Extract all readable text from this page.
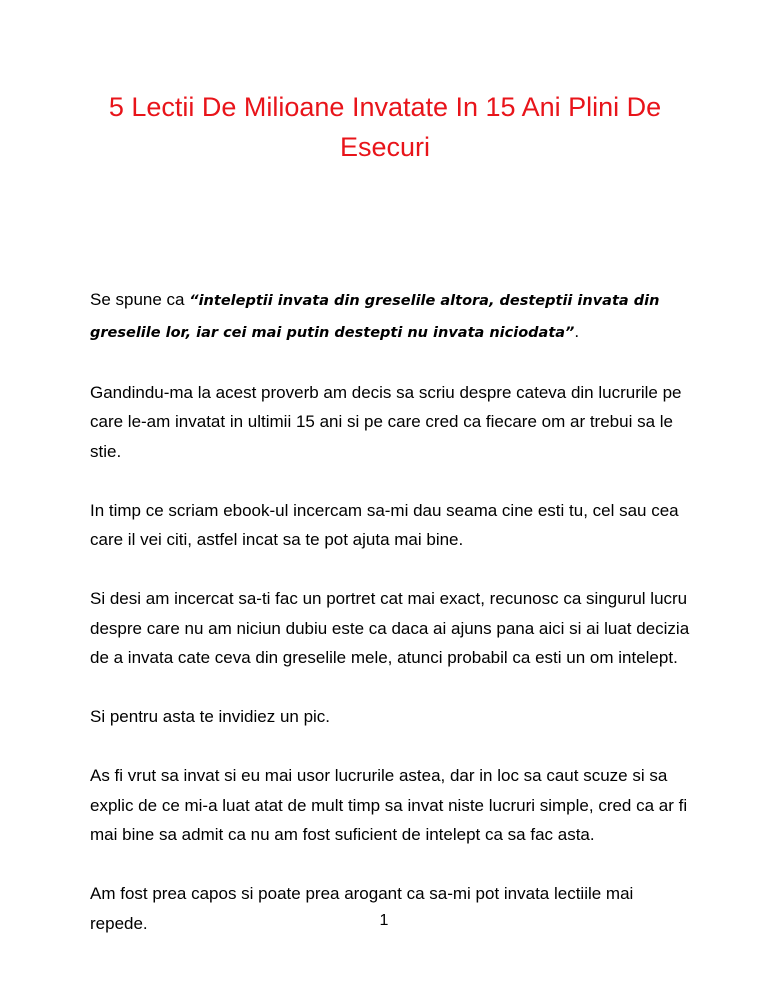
5 Lectii De Milioane Invatate In 15 Ani Plini De Esecuri

Se spune ca “inteleptii invata din greselile altora, desteptii invata din greselile lor, iar cei mai putin destepti nu invata niciodata”.

Gandindu-ma la acest proverb am decis sa scriu despre cateva din lucrurile pe care le-am invatat in ultimii 15 ani si pe care cred ca fiecare om ar trebui sa le stie.

In timp ce scriam ebook-ul incercam sa-mi dau seama cine esti tu, cel sau cea care il vei citi, astfel incat sa te pot ajuta mai bine.

Si desi am incercat sa-ti fac un portret cat mai exact, recunosc ca singurul lucru despre care nu am niciun dubiu este ca daca ai ajuns pana aici si ai luat decizia de a invata cate ceva din greselile mele, atunci probabil ca esti un om intelept.

Si pentru asta te invidiez un pic.

As fi vrut sa invat si eu mai usor lucrurile astea, dar in loc sa caut scuze si sa explic de ce mi-a luat atat de mult timp sa invat niste lucruri simple, cred ca ar fi mai bine sa admit ca nu am fost suficient de intelept ca sa fac asta.

Am fost prea capos si poate prea arogant ca sa-mi pot invata lectiile mai repede.	1
